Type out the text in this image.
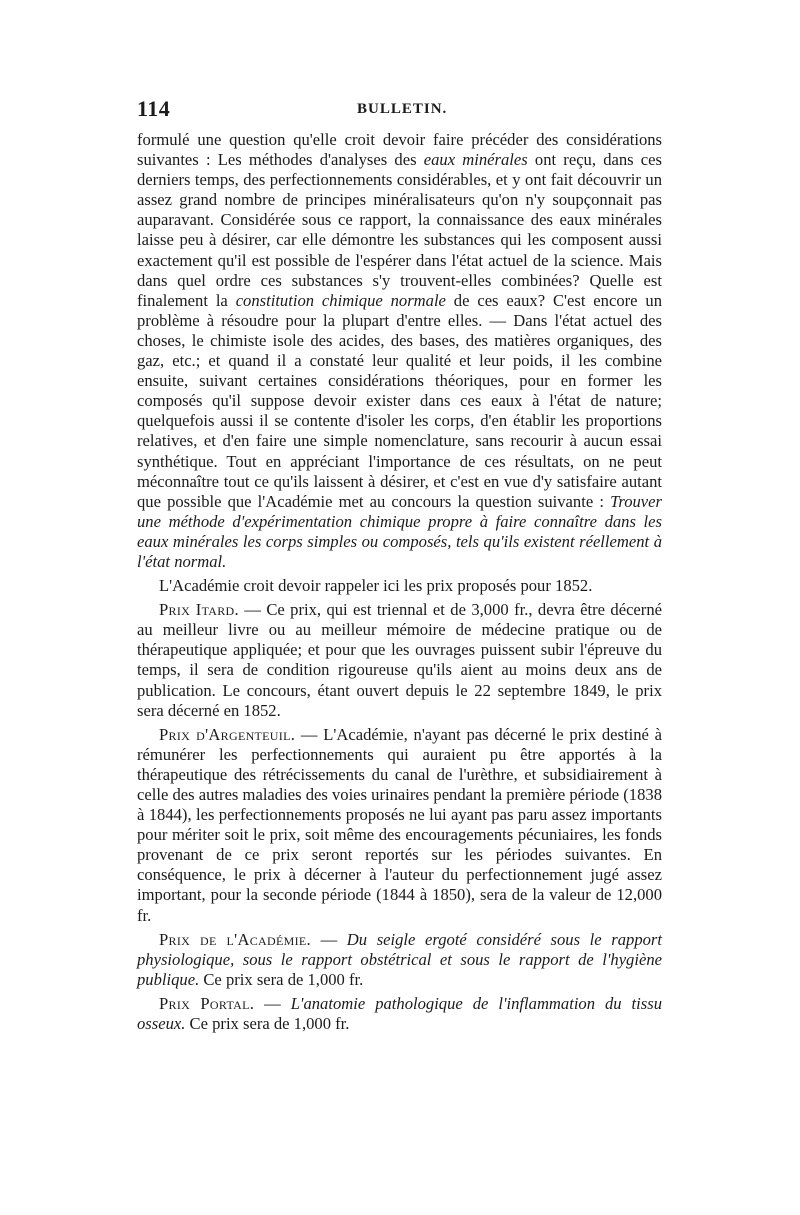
114	BULLETIN.

formulé une question qu'elle croit devoir faire précéder des considérations suivantes : Les méthodes d'analyses des eaux minérales ont reçu, dans ces derniers temps, des perfectionnements considérables, et y ont fait découvrir un assez grand nombre de principes minéralisateurs qu'on n'y soupçonnait pas auparavant. Considérée sous ce rapport, la connaissance des eaux minérales laisse peu à désirer, car elle démontre les substances qui les composent aussi exactement qu'il est possible de l'espérer dans l'état actuel de la science. Mais dans quel ordre ces substances s'y trouvent-elles combinées? Quelle est finalement la constitution chimique normale de ces eaux? C'est encore un problème à résoudre pour la plupart d'entre elles. — Dans l'état actuel des choses, le chimiste isole des acides, des bases, des matières organiques, des gaz, etc.; et quand il a constaté leur qualité et leur poids, il les combine ensuite, suivant certaines considérations théoriques, pour en former les composés qu'il suppose devoir exister dans ces eaux à l'état de nature; quelquefois aussi il se contente d'isoler les corps, d'en établir les proportions relatives, et d'en faire une simple nomenclature, sans recourir à aucun essai synthétique. Tout en appréciant l'importance de ces résultats, on ne peut méconnaître tout ce qu'ils laissent à désirer, et c'est en vue d'y satisfaire autant que possible que l'Académie met au concours la question suivante : Trouver une méthode d'expérimentation chimique propre à faire connaître dans les eaux minérales les corps simples ou composés, tels qu'ils existent réellement à l'état normal.

L'Académie croit devoir rappeler ici les prix proposés pour 1852.

Prix Itard. — Ce prix, qui est triennal et de 3,000 fr., devra être décerné au meilleur livre ou au meilleur mémoire de médecine pratique ou de thérapeutique appliquée; et pour que les ouvrages puissent subir l'épreuve du temps, il sera de condition rigoureuse qu'ils aient au moins deux ans de publication. Le concours, étant ouvert depuis le 22 septembre 1849, le prix sera décerné en 1852.

Prix d'Argenteuil. — L'Académie, n'ayant pas décerné le prix destiné à rémunérer les perfectionnements qui auraient pu être apportés à la thérapeutique des rétrécissements du canal de l'urèthre, et subsidiairement à celle des autres maladies des voies urinaires pendant la première période (1838 à 1844), les perfectionnements proposés ne lui ayant pas paru assez importants pour mériter soit le prix, soit même des encouragements pécuniaires, les fonds provenant de ce prix seront reportés sur les périodes suivantes. En conséquence, le prix à décerner à l'auteur du perfectionnement jugé assez important, pour la seconde période (1844 à 1850), sera de la valeur de 12,000 fr.

Prix de l'Académie. — Du seigle ergoté considéré sous le rapport physiologique, sous le rapport obstétrical et sous le rapport de l'hygiène publique. Ce prix sera de 1,000 fr.

Prix Portal. — L'anatomie pathologique de l'inflammation du tissu osseux. Ce prix sera de 1,000 fr.
